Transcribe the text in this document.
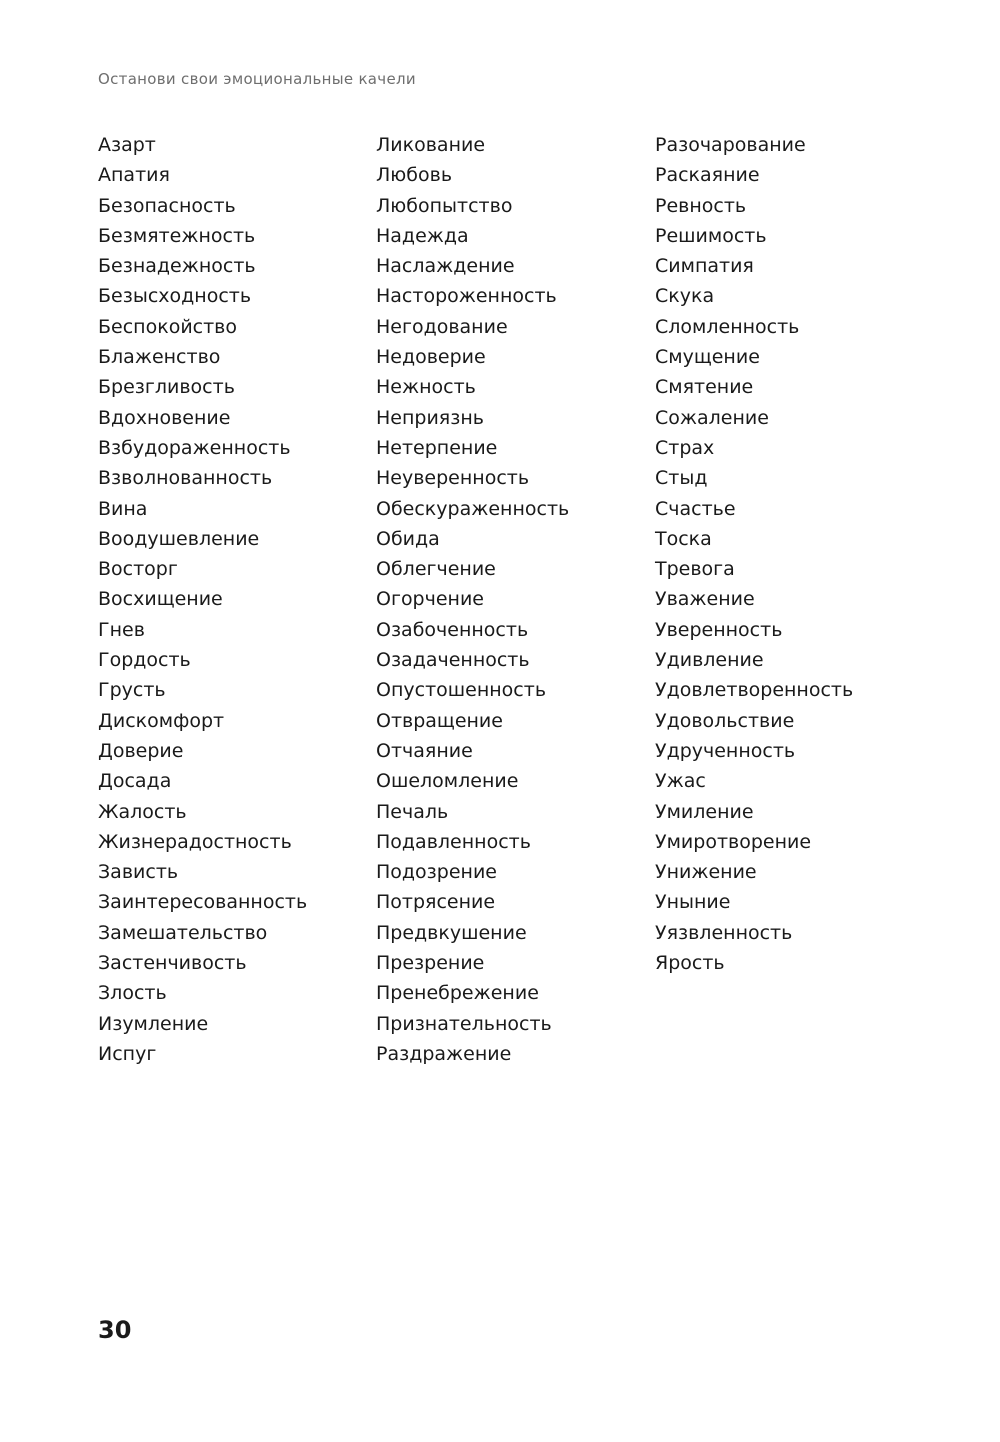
Останови свои эмоциональные качели
Азарт
Апатия
Безопасность
Безмятежность
Безнадежность
Безысходность
Беспокойство
Блаженство
Брезгливость
Вдохновение
Взбудораженность
Взволнованность
Вина
Воодушевление
Восторг
Восхищение
Гнев
Гордость
Грусть
Дискомфорт
Доверие
Досада
Жалость
Жизнерадостность
Зависть
Заинтересованность
Замешательство
Застенчивость
Злость
Изумление
Испуг
Ликование
Любовь
Любопытство
Надежда
Наслаждение
Настороженность
Негодование
Недоверие
Нежность
Неприязнь
Нетерпение
Неуверенность
Обескураженность
Обида
Облегчение
Огорчение
Озабоченность
Озадаченность
Опустошенность
Отвращение
Отчаяние
Ошеломление
Печаль
Подавленность
Подозрение
Потрясение
Предвкушение
Презрение
Пренебрежение
Признательность
Раздражение
Разочарование
Раскаяние
Ревность
Решимость
Симпатия
Скука
Сломленность
Смущение
Смятение
Сожаление
Страх
Стыд
Счастье
Тоска
Тревога
Уважение
Уверенность
Удивление
Удовлетворенность
Удовольствие
Удрученность
Ужас
Умиление
Умиротворение
Унижение
Уныние
Уязвленность
Ярость
30
